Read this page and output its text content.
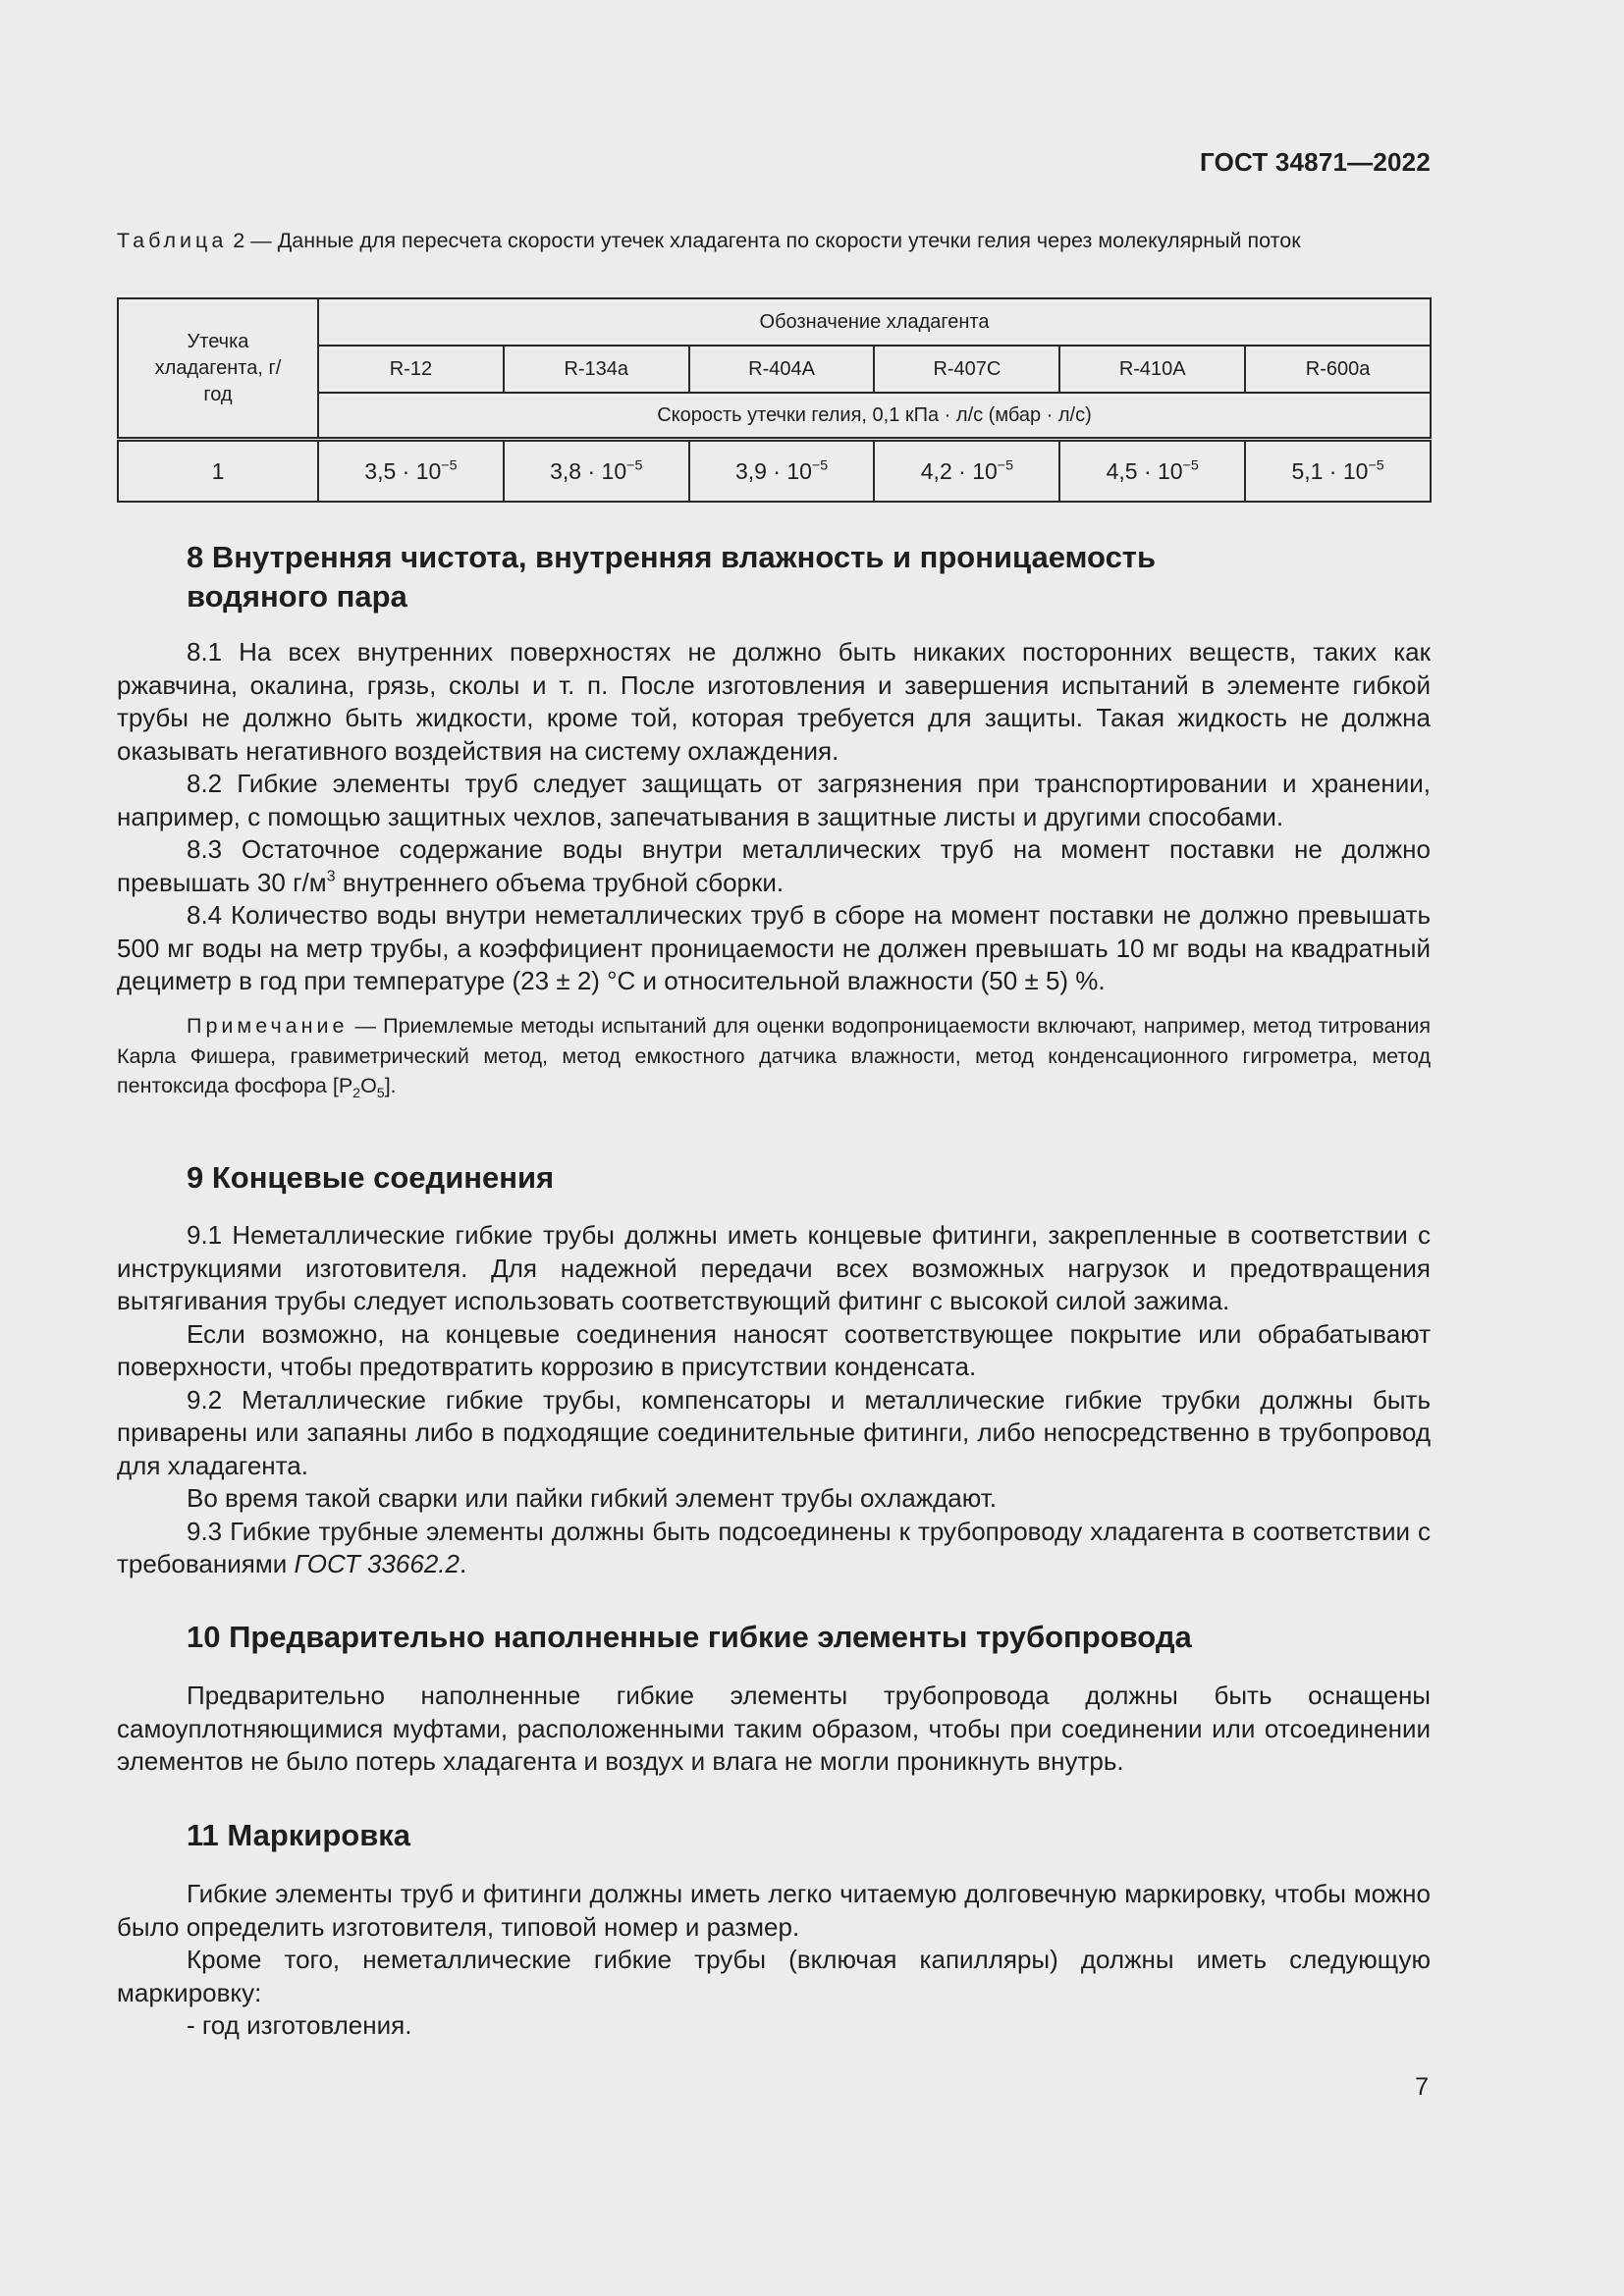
ГОСТ 34871—2022
Таблица 2 — Данные для пересчета скорости утечек хладагента по скорости утечки гелия через молекулярный поток
Утечка хладагента, г/год	Обозначение хладагента					
	R-12	R-134a	R-404A	R-407C	R-410A	R-600a
	Скорость утечки гелия, 0,1 кПа · л/с (мбар · л/с)					
1	$3,5 \cdot 10^{-5}$	$3,8 \cdot 10^{-5}$	$3,9 \cdot 10^{-5}$	$4,2 \cdot 10^{-5}$	$4,5 \cdot 10^{-5}$	$5,1 \cdot 10^{-5}$
8 Внутренняя чистота, внутренняя влажность и проницаемость водяного пара

8.1 На всех внутренних поверхностях не должно быть никаких посторонних веществ, таких как ржавчина, окалина, грязь, сколы и т. п. После изготовления и завершения испытаний в элементе гибкой трубы не должно быть жидкости, кроме той, которая требуется для защиты. Такая жидкость не должна оказывать негативного воздействия на систему охлаждения.

8.2 Гибкие элементы труб следует защищать от загрязнения при транспортировании и хранении, например, с помощью защитных чехлов, запечатывания в защитные листы и другими способами.

8.3 Остаточное содержание воды внутри металлических труб на момент поставки не должно превышать 30 $г/м^3$ внутреннего объема трубной сборки.

8.4 Количество воды внутри неметаллических труб в сборе на момент поставки не должно превышать 500 мг воды на метр трубы, а коэффициент проницаемости не должен превышать 10 мг воды на квадратный дециметр в год при температуре (23 ± 2) °С и относительной влажности (50 ± 5) %.

Примечание — Приемлемые методы испытаний для оценки водопроницаемости включают, например, метод титрования Карла Фишера, гравиметрический метод, метод емкостного датчика влажности, метод конденсационного гигрометра, метод пентоксида фосфора $[P_2O_5]$.

9 Концевые соединения

9.1 Неметаллические гибкие трубы должны иметь концевые фитинги, закрепленные в соответствии с инструкциями изготовителя. Для надежной передачи всех возможных нагрузок и предотвращения вытягивания трубы следует использовать соответствующий фитинг с высокой силой зажима.

Если возможно, на концевые соединения наносят соответствующее покрытие или обрабатывают поверхности, чтобы предотвратить коррозию в присутствии конденсата.

9.2 Металлические гибкие трубы, компенсаторы и металлические гибкие трубки должны быть приварены или запаяны либо в подходящие соединительные фитинги, либо непосредственно в трубопровод для хладагента.

Во время такой сварки или пайки гибкий элемент трубы охлаждают.

9.3 Гибкие трубные элементы должны быть подсоединены к трубопроводу хладагента в соответствии с требованиями ГОСТ 33662.2.

10 Предварительно наполненные гибкие элементы трубопровода

Предварительно наполненные гибкие элементы трубопровода должны быть оснащены самоуплотняющимися муфтами, расположенными таким образом, чтобы при соединении или отсоединении элементов не было потерь хладагента и воздух и влага не могли проникнуть внутрь.

11 Маркировка

Гибкие элементы труб и фитинги должны иметь легко читаемую долговечную маркировку, чтобы можно было определить изготовителя, типовой номер и размер.

Кроме того, неметаллические гибкие трубы (включая капилляры) должны иметь следующую маркировку:

- год изготовления.

7
